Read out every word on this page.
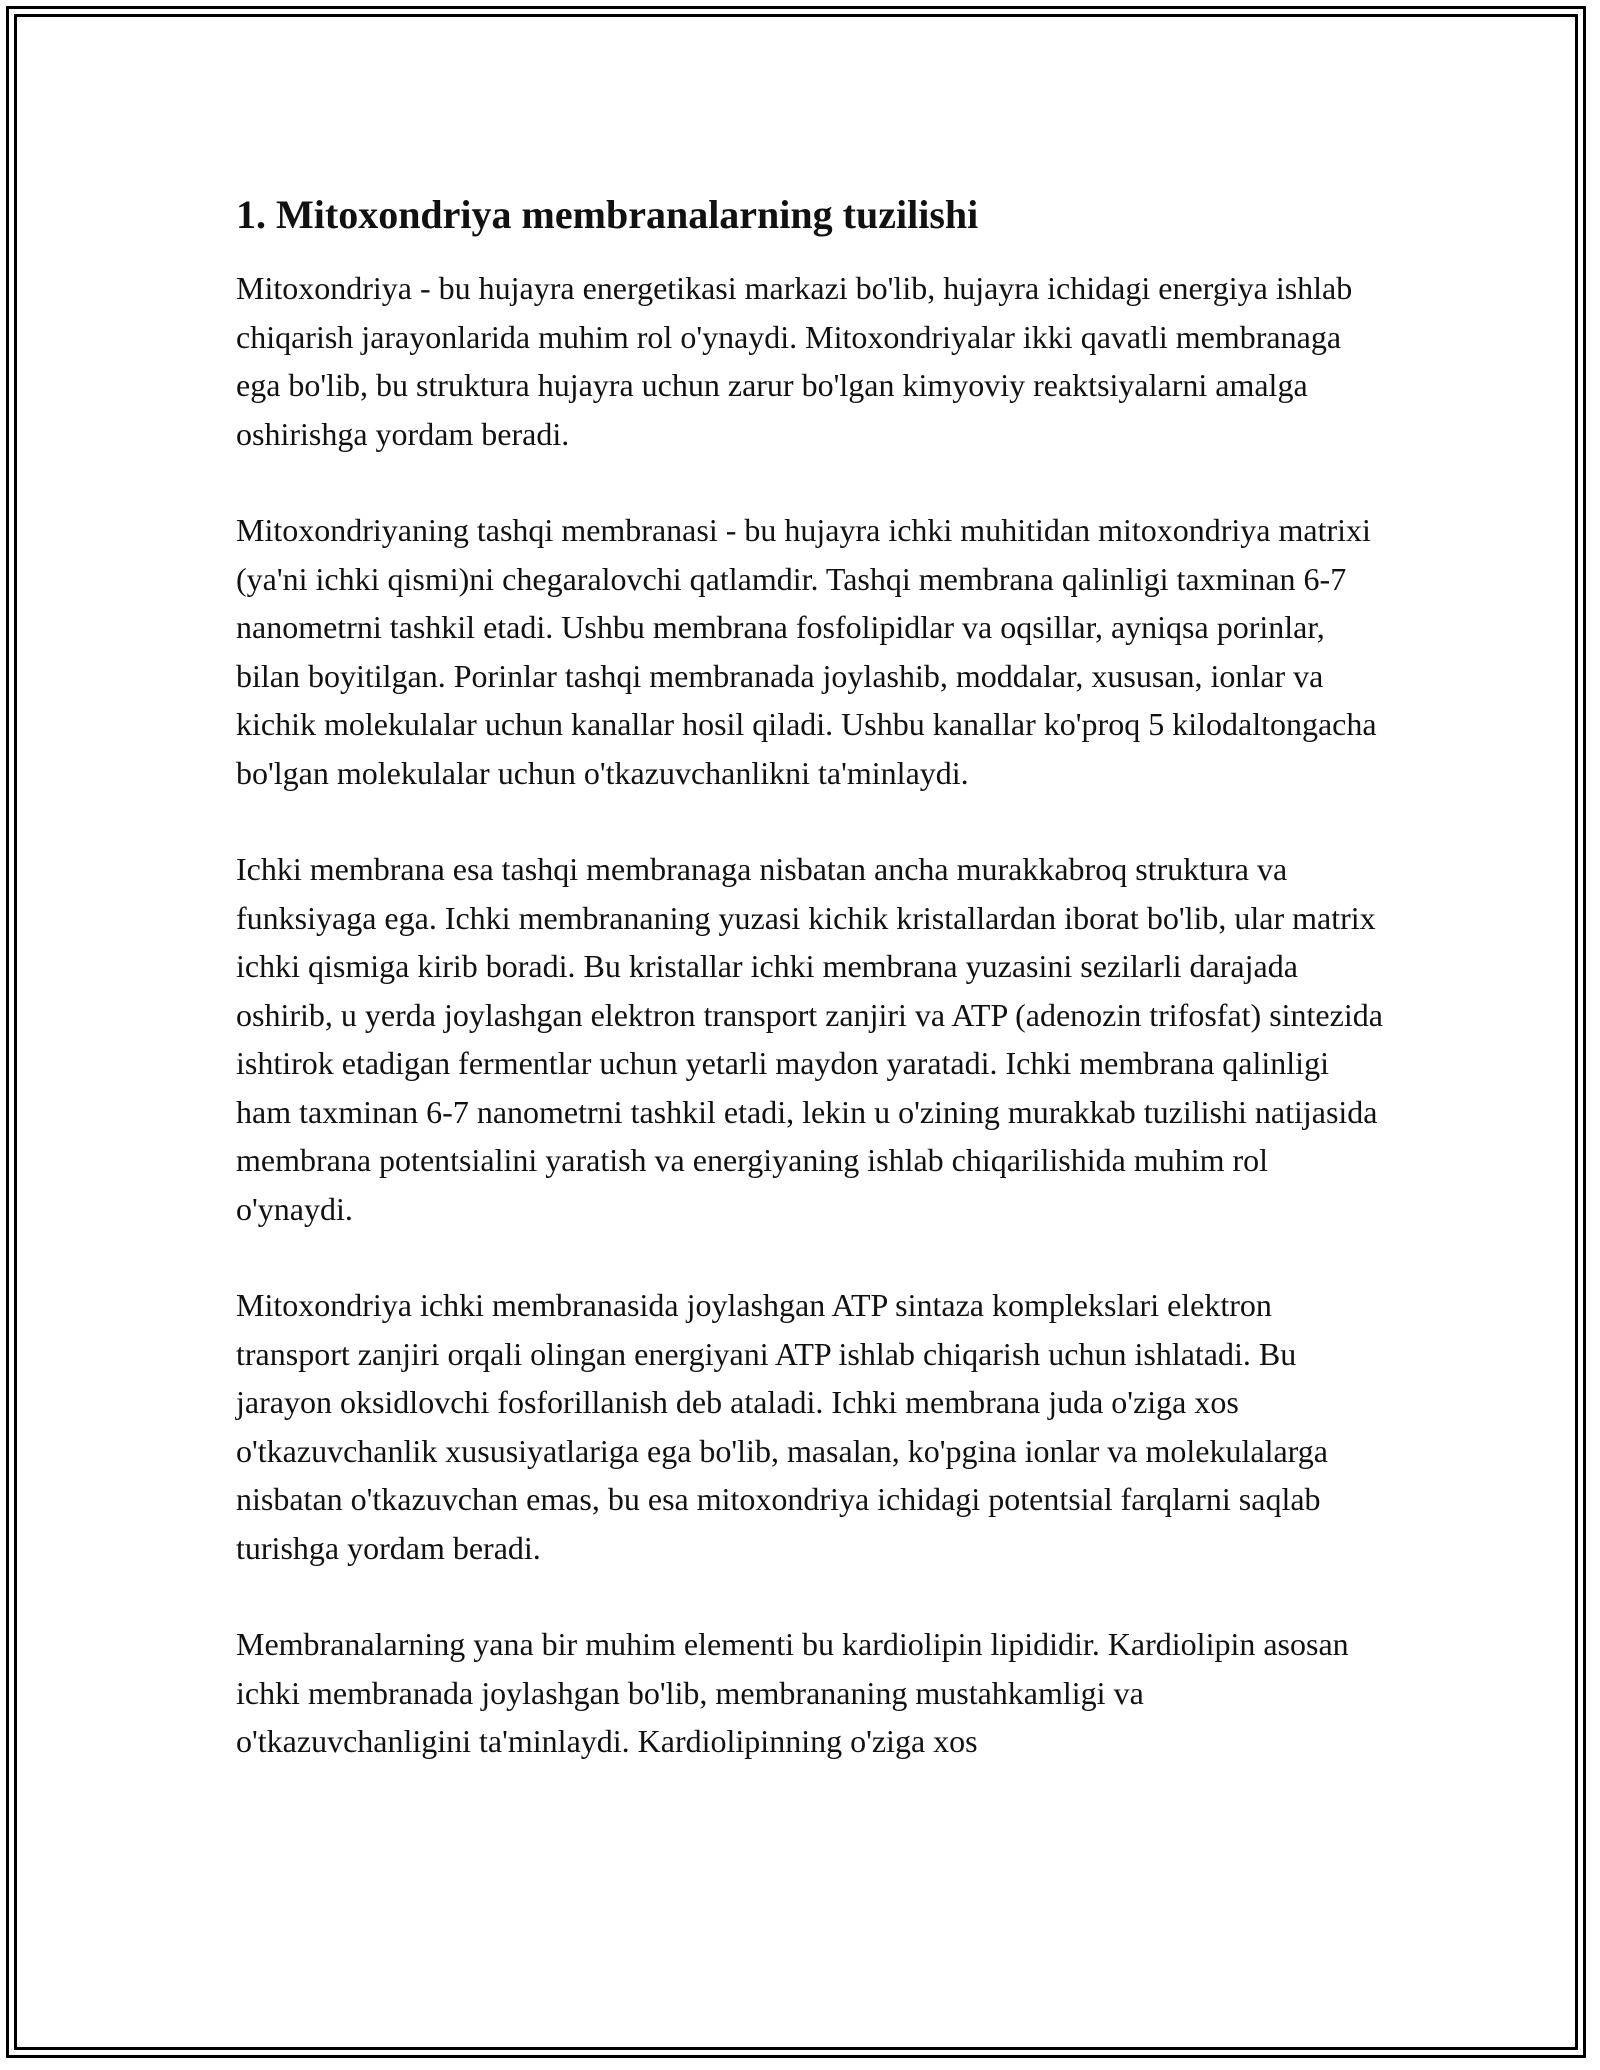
1. Mitoxondriya membranalarning tuzilishi

Mitoxondriya - bu hujayra energetikasi markazi bo'lib, hujayra ichidagi energiya ishlab chiqarish jarayonlarida muhim rol o'ynaydi. Mitoxondriyalar ikki qavatli membranaga ega bo'lib, bu struktura hujayra uchun zarur bo'lgan kimyoviy reaktsiyalarni amalga oshirishga yordam beradi.

Mitoxondriyaning tashqi membranasi - bu hujayra ichki muhitidan mitoxondriya matrixi (ya'ni ichki qismi)ni chegaralovchi qatlamdir. Tashqi membrana qalinligi taxminan 6-7 nanometrni tashkil etadi. Ushbu membrana fosfolipidlar va oqsillar, ayniqsa porinlar, bilan boyitilgan. Porinlar tashqi membranada joylashib, moddalar, xususan, ionlar va kichik molekulalar uchun kanallar hosil qiladi. Ushbu kanallar ko'proq 5 kilodaltongacha bo'lgan molekulalar uchun o'tkazuvchanlikni ta'minlaydi.

Ichki membrana esa tashqi membranaga nisbatan ancha murakkabroq struktura va funksiyaga ega. Ichki membrananing yuzasi kichik kristallardan iborat bo'lib, ular matrix ichki qismiga kirib boradi. Bu kristallar ichki membrana yuzasini sezilarli darajada oshirib, u yerda joylashgan elektron transport zanjiri va ATP (adenozin trifosfat) sintezida ishtirok etadigan fermentlar uchun yetarli maydon yaratadi. Ichki membrana qalinligi ham taxminan 6-7 nanometrni tashkil etadi, lekin u o'zining murakkab tuzilishi natijasida membrana potentsialini yaratish va energiyaning ishlab chiqarilishida muhim rol o'ynaydi.

Mitoxondriya ichki membranasida joylashgan ATP sintaza komplekslari elektron transport zanjiri orqali olingan energiyani ATP ishlab chiqarish uchun ishlatadi. Bu jarayon oksidlovchi fosforillanish deb ataladi. Ichki membrana juda o'ziga xos o'tkazuvchanlik xususiyatlariga ega bo'lib, masalan, ko'pgina ionlar va molekulalarga nisbatan o'tkazuvchan emas, bu esa mitoxondriya ichidagi potentsial farqlarni saqlab turishga yordam beradi.

Membranalarning yana bir muhim elementi bu kardiolipin lipididir. Kardiolipin asosan ichki membranada joylashgan bo'lib, membrananing mustahkamligi va o'tkazuvchanligini ta'minlaydi. Kardiolipinning o'ziga xos
